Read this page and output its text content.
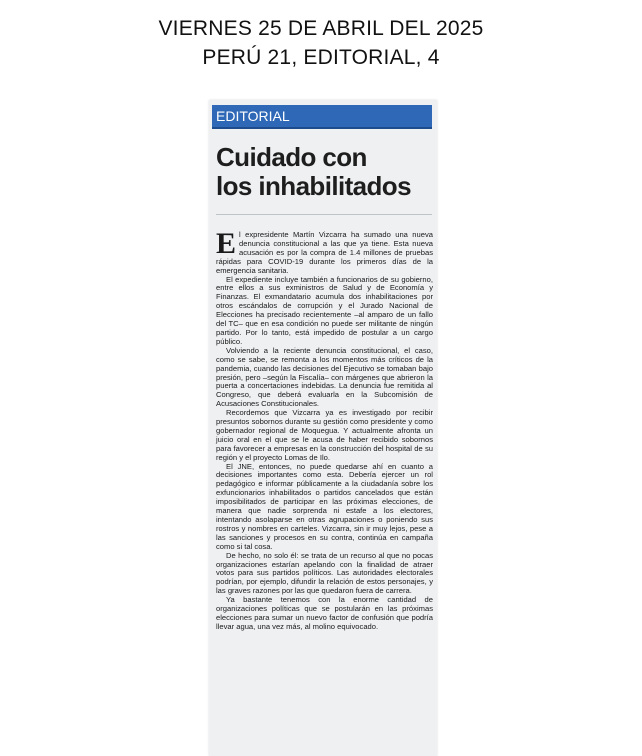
VIERNES 25 DE ABRIL DEL 2025
PERÚ 21, EDITORIAL, 4
EDITORIAL
Cuidado con
los inhabilitados

El expresidente Martín Vizcarra ha sumado una nueva denuncia constitucional a las que ya tiene. Esta nueva acusación es por la compra de 1.4 millones de pruebas rápidas para COVID-19 durante los primeros días de la emergencia sanitaria.

El expediente incluye también a funcionarios de su gobierno, entre ellos a sus exministros de Salud y de Economía y Finanzas. El exmandatario acumula dos inhabilitaciones por otros escándalos de corrupción y el Jurado Nacional de Elecciones ha precisado recientemente –al amparo de un fallo del TC– que en esa condición no puede ser militante de ningún partido. Por lo tanto, está impedido de postular a un cargo público.

Volviendo a la reciente denuncia constitucional, el caso, como se sabe, se remonta a los momentos más críticos de la pandemia, cuando las decisiones del Ejecutivo se tomaban bajo presión, pero –según la Fiscalía– con márgenes que abrieron la puerta a concertaciones indebidas. La denuncia fue remitida al Congreso, que deberá evaluarla en la Subcomisión de Acusaciones Constitucionales.

Recordemos que Vizcarra ya es investigado por recibir presuntos sobornos durante su gestión como presidente y como gobernador regional de Moquegua. Y actualmente afronta un juicio oral en el que se le acusa de haber recibido sobornos para favorecer a empresas en la construcción del hospital de su región y el proyecto Lomas de Ilo.

El JNE, entonces, no puede quedarse ahí en cuanto a decisiones importantes como esta. Debería ejercer un rol pedagógico e informar públicamente a la ciudadanía sobre los exfuncionarios inhabilitados o partidos cancelados que están imposibilitados de participar en las próximas elecciones, de manera que nadie sorprenda ni estafe a los electores, intentando asolaparse en otras agrupaciones o poniendo sus rostros y nombres en carteles. Vizcarra, sin ir muy lejos, pese a las sanciones y procesos en su contra, continúa en campaña como si tal cosa.

De hecho, no solo él: se trata de un recurso al que no pocas organizaciones estarían apelando con la finalidad de atraer votos para sus partidos políticos. Las autoridades electorales podrían, por ejemplo, difundir la relación de estos personajes, y las graves razones por las que quedaron fuera de carrera.

Ya bastante tenemos con la enorme cantidad de organizaciones políticas que se postularán en las próximas elecciones para sumar un nuevo factor de confusión que podría llevar agua, una vez más, al molino equivocado.
